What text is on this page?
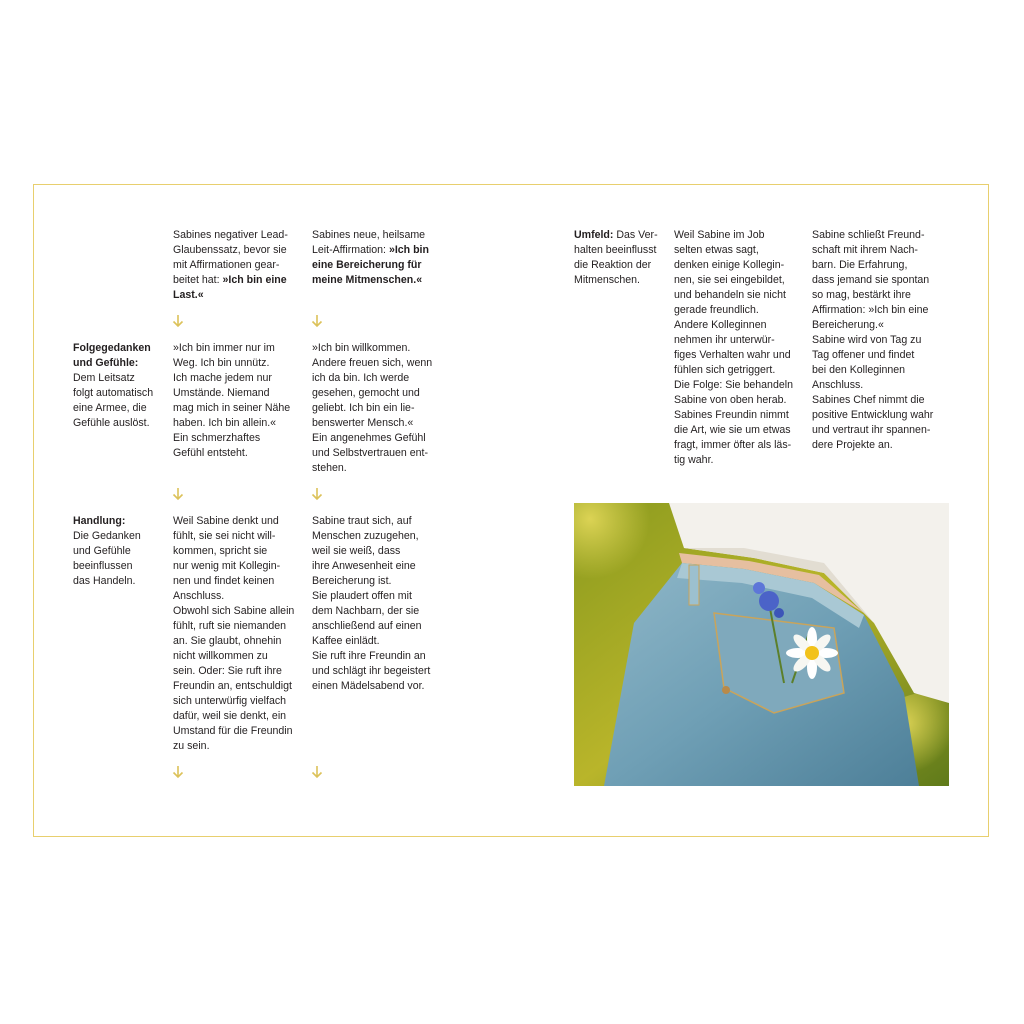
Folgegedanken
und Gefühle:
Dem Leitsatz
folgt automatisch
eine Armee, die
Gefühle auslöst.
Handlung:
Die Gedanken
und Gefühle
beeinflussen
das Handeln.
Sabines negativer Lead-
Glaubenssatz, bevor sie
mit Affirmationen gear-
beitet hat: »Ich bin eine
Last.«
»Ich bin immer nur im
Weg. Ich bin unnütz.
Ich mache jedem nur
Umstände. Niemand
mag mich in seiner Nähe
haben. Ich bin allein.«
Ein schmerzhaftes
Gefühl entsteht.
Weil Sabine denkt und
fühlt, sie sei nicht will-
kommen, spricht sie
nur wenig mit Kollegin-
nen und findet keinen
Anschluss.
Obwohl sich Sabine allein
fühlt, ruft sie niemanden
an. Sie glaubt, ohnehin
nicht willkommen zu
sein. Oder: Sie ruft ihre
Freundin an, entschuldigt
sich unterwürfig vielfach
dafür, weil sie denkt, ein
Umstand für die Freundin
zu sein.
Sabines neue, heilsame
Leit-Affirmation: »Ich bin
eine Bereicherung für
meine Mitmenschen.«
»Ich bin willkommen.
Andere freuen sich, wenn
ich da bin. Ich werde
gesehen, gemocht und
geliebt. Ich bin ein lie-
benswerter Mensch.«
Ein angenehmes Gefühl
und Selbstvertrauen ent-
stehen.
Sabine traut sich, auf
Menschen zuzugehen,
weil sie weiß, dass
ihre Anwesenheit eine
Bereicherung ist.
Sie plaudert offen mit
dem Nachbarn, der sie
anschließend auf einen
Kaffee einlädt.
Sie ruft ihre Freundin an
und schlägt ihr begeistert
einen Mädelsabend vor.
Umfeld: Das Ver-
halten beeinflusst
die Reaktion der
Mitmenschen.
Weil Sabine im Job
selten etwas sagt,
denken einige Kollegin-
nen, sie sei eingebildet,
und behandeln sie nicht
gerade freundlich.
Andere Kolleginnen
nehmen ihr unterwür-
figes Verhalten wahr und
fühlen sich getriggert.
Die Folge: Sie behandeln
Sabine von oben herab.
Sabines Freundin nimmt
die Art, wie sie um etwas
fragt, immer öfter als läs-
tig wahr.
Sabine schließt Freund-
schaft mit ihrem Nach-
barn. Die Erfahrung,
dass jemand sie spontan
so mag, bestärkt ihre
Affirmation: »Ich bin eine
Bereicherung.«
Sabine wird von Tag zu
Tag offener und findet
bei den Kolleginnen
Anschluss.
Sabines Chef nimmt die
positive Entwicklung wahr
und vertraut ihr spannen-
dere Projekte an.
